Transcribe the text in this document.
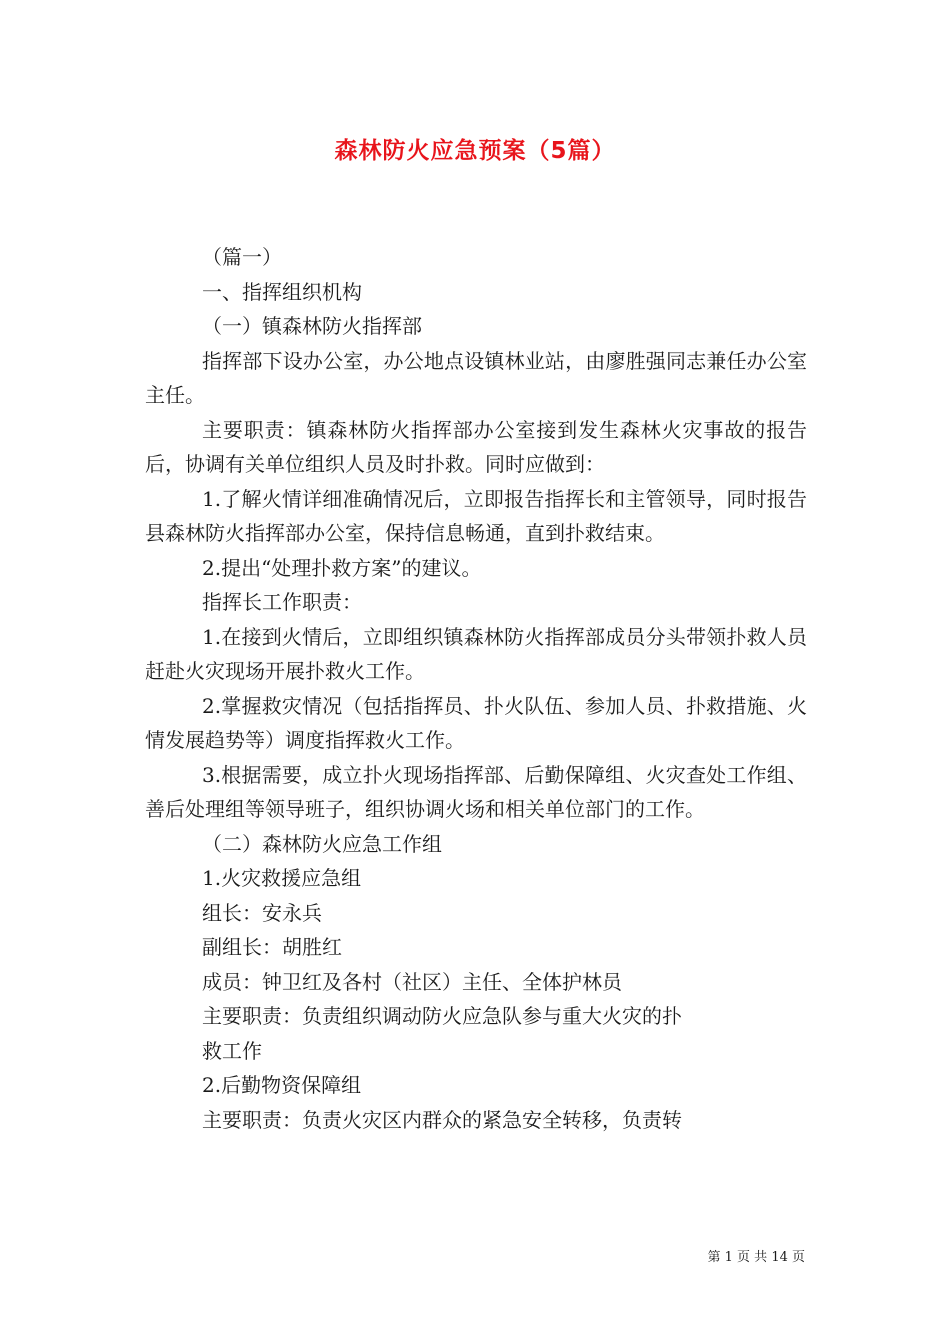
森林防火应急预案（5篇）

（篇一）

一、指挥组织机构

（一）镇森林防火指挥部

指挥部下设办公室，办公地点设镇林业站，由廖胜强同志兼任办公室主任。

主要职责：镇森林防火指挥部办公室接到发生森林火灾事故的报告后，协调有关单位组织人员及时扑救。同时应做到：

1.了解火情详细准确情况后，立即报告指挥长和主管领导，同时报告县森林防火指挥部办公室，保持信息畅通，直到扑救结束。

2.提出“处理扑救方案”的建议。

指挥长工作职责：

1.在接到火情后，立即组织镇森林防火指挥部成员分头带领扑救人员赶赴火灾现场开展扑救火工作。

2.掌握救灾情况（包括指挥员、扑火队伍、参加人员、扑救措施、火情发展趋势等）调度指挥救火工作。

3.根据需要，成立扑火现场指挥部、后勤保障组、火灾查处工作组、善后处理组等领导班子，组织协调火场和相关单位部门的工作。

（二）森林防火应急工作组

1.火灾救援应急组

组长：安永兵

副组长：胡胜红

成员：钟卫红及各村（社区）主任、全体护林员

主要职责：负责组织调动防火应急队参与重大火灾的扑

救工作

2.后勤物资保障组

主要职责：负责火灾区内群众的紧急安全转移，负责转

第 1 页 共 14 页
